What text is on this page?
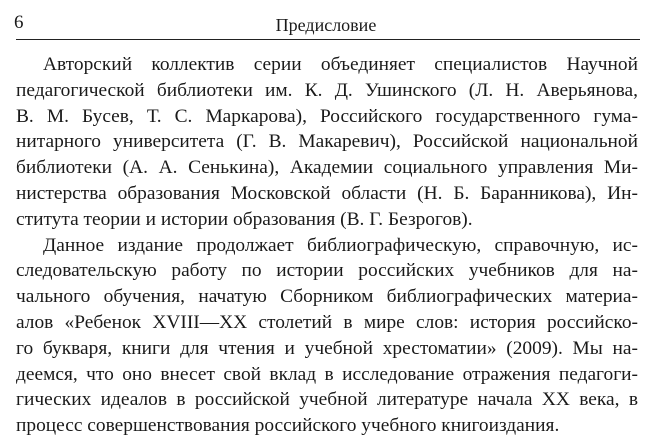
6	Предисловие
Авторский коллектив серии объединяет специалистов Научной
педагогической библиотеки им. К. Д. Ушинского (Л. Н. Аверьянова,
В. М. Бусев, Т. С. Маркарова), Российского государственного гума-
нитарного университета (Г. В. Макаревич), Российской национальной
библиотеки (А. А. Сенькина), Академии социального управления Ми-
нистерства образования Московской области (Н. Б. Баранникова), Ин-
ститута теории и истории образования (В. Г. Безрогов).
Данное издание продолжает библиографическую, справочную, ис-
следовательскую работу по истории российских учебников для на-
чального обучения, начатую Сборником библиографических материа-
алов «Ребенок XVIII—XX столетий в мире слов: история российско-
го букваря, книги для чтения и учебной хрестоматии» (2009). Мы на-
деемся, что оно внесет свой вклад в исследование отражения педагоги-
гических идеалов в российской учебной литературе начала XX века, в
процесс совершенствования российского учебного книгоиздания.
